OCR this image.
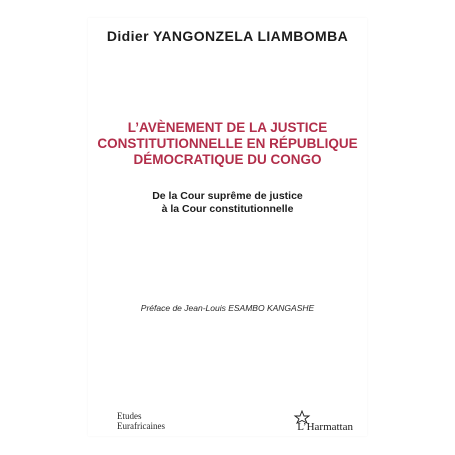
Didier YANGONZELA LIAMBOMBA
L’AVÈNEMENT DE LA JUSTICE
CONSTITUTIONNELLE EN RÉPUBLIQUE
DÉMOCRATIQUE DU CONGO
De la Cour suprême de justice
à la Cour constitutionnelle
Préface de Jean-Louis ESAMBO KANGASHE
Etudes
Eurafricaines	L’Harmattan
